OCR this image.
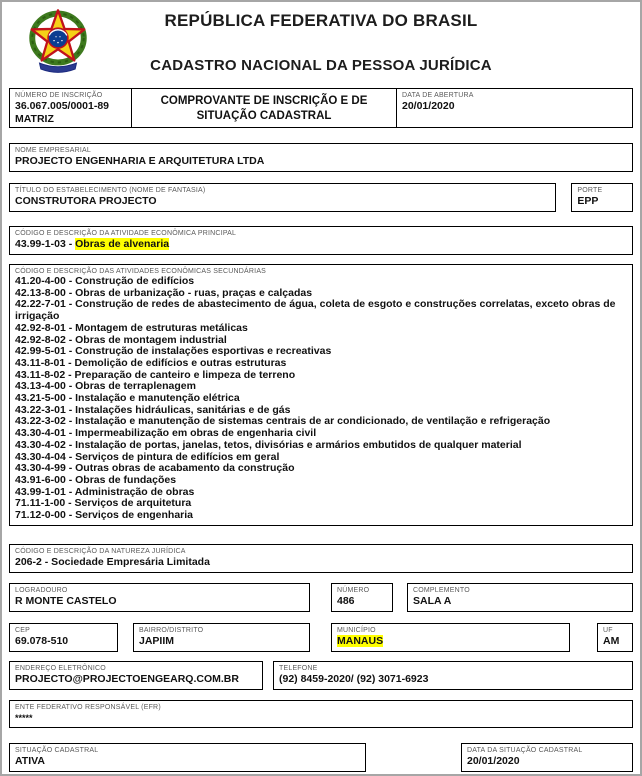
REPÚBLICA FEDERATIVA DO BRASIL
CADASTRO NACIONAL DA PESSOA JURÍDICA
NÚMERO DE INSCRIÇÃO
36.067.005/0001-89
MATRIZ
COMPROVANTE DE INSCRIÇÃO E DE SITUAÇÃO CADASTRAL
DATA DE ABERTURA
20/01/2020
NOME EMPRESARIAL
PROJECTO ENGENHARIA E ARQUITETURA LTDA
TÍTULO DO ESTABELECIMENTO (NOME DE FANTASIA)
CONSTRUTORA PROJECTO
PORTE
EPP
CÓDIGO E DESCRIÇÃO DA ATIVIDADE ECONÔMICA PRINCIPAL
43.99-1-03 - Obras de alvenaria
CÓDIGO E DESCRIÇÃO DAS ATIVIDADES ECONÔMICAS SECUNDÁRIAS
41.20-4-00 - Construção de edifícios
42.13-8-00 - Obras de urbanização - ruas, praças e calçadas
42.22-7-01 - Construção de redes de abastecimento de água, coleta de esgoto e construções correlatas, exceto obras de irrigação
42.92-8-01 - Montagem de estruturas metálicas
42.92-8-02 - Obras de montagem industrial
42.99-5-01 - Construção de instalações esportivas e recreativas
43.11-8-01 - Demolição de edifícios e outras estruturas
43.11-8-02 - Preparação de canteiro e limpeza de terreno
43.13-4-00 - Obras de terraplenagem
43.21-5-00 - Instalação e manutenção elétrica
43.22-3-01 - Instalações hidráulicas, sanitárias e de gás
43.22-3-02 - Instalação e manutenção de sistemas centrais de ar condicionado, de ventilação e refrigeração
43.30-4-01 - Impermeabilização em obras de engenharia civil
43.30-4-02 - Instalação de portas, janelas, tetos, divisórias e armários embutidos de qualquer material
43.30-4-04 - Serviços de pintura de edifícios em geral
43.30-4-99 - Outras obras de acabamento da construção
43.91-6-00 - Obras de fundações
43.99-1-01 - Administração de obras
71.11-1-00 - Serviços de arquitetura
71.12-0-00 - Serviços de engenharia
CÓDIGO E DESCRIÇÃO DA NATUREZA JURÍDICA
206-2 - Sociedade Empresária Limitada
LOGRADOURO
R MONTE CASTELO
NÚMERO
486
COMPLEMENTO
SALA A
CEP
69.078-510
BAIRRO/DISTRITO
JAPIIM
MUNICÍPIO
MANAUS
UF
AM
ENDEREÇO ELETRÔNICO
PROJECTO@PROJECTOENGEARQ.COM.BR
TELEFONE
(92) 8459-2020/ (92) 3071-6923
ENTE FEDERATIVO RESPONSÁVEL (EFR)
*****
SITUAÇÃO CADASTRAL
ATIVA
DATA DA SITUAÇÃO CADASTRAL
20/01/2020
